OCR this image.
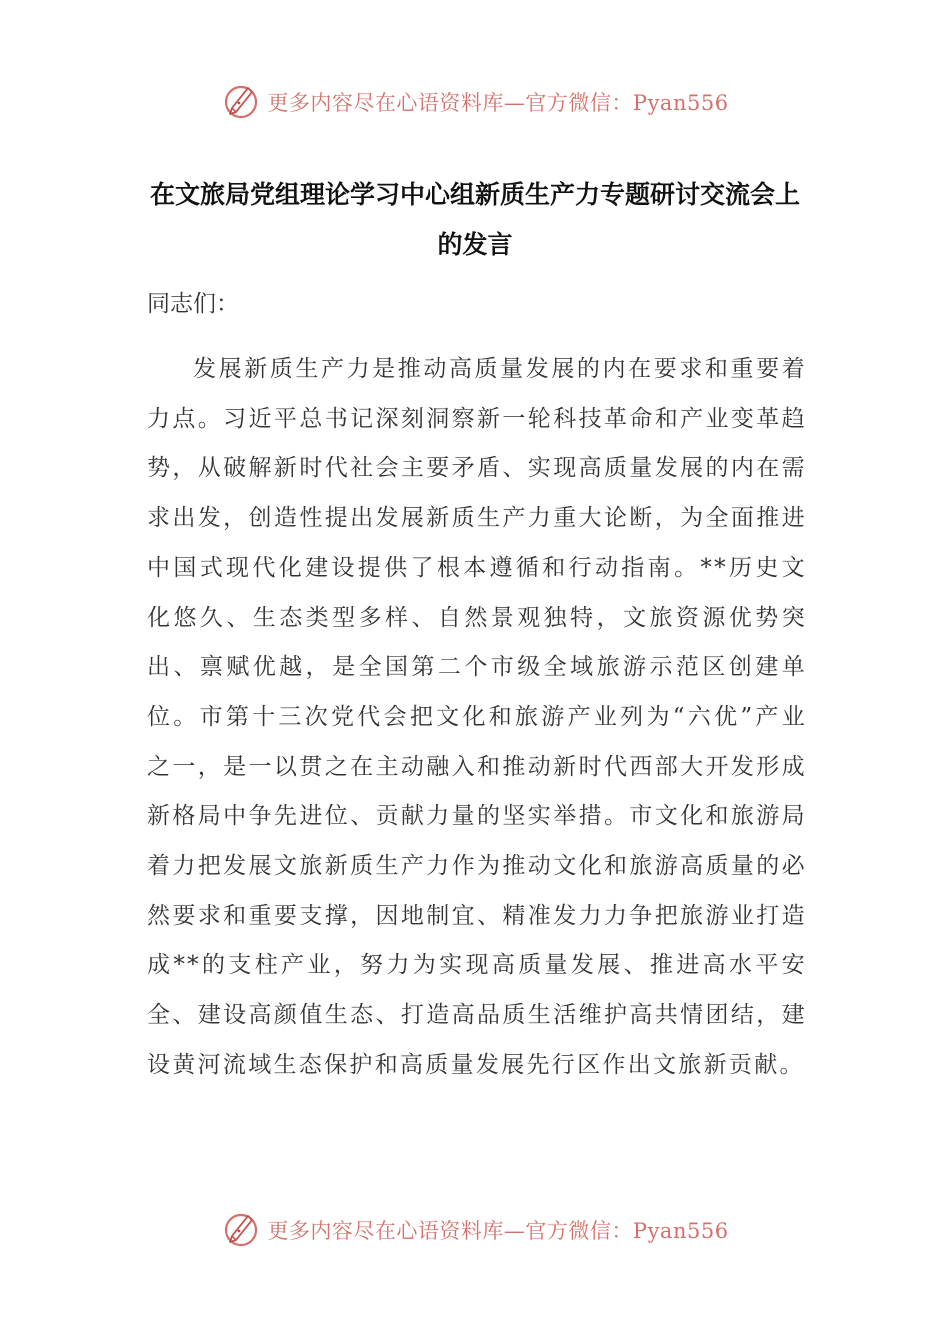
更多内容尽在心语资料库—官方微信：Pyan556
在文旅局党组理论学习中心组新质生产力专题研讨交流会上的发言

同志们：

发展新质生产力是推动高质量发展的内在要求和重要着力点。习近平总书记深刻洞察新一轮科技革命和产业变革趋势，从破解新时代社会主要矛盾、实现高质量发展的内在需求出发，创造性提出发展新质生产力重大论断，为全面推进中国式现代化建设提供了根本遵循和行动指南。**历史文化悠久、生态类型多样、自然景观独特，文旅资源优势突出、禀赋优越，是全国第二个市级全域旅游示范区创建单位。市第十三次党代会把文化和旅游产业列为“六优”产业之一，是一以贯之在主动融入和推动新时代西部大开发形成新格局中争先进位、贡献力量的坚实举措。市文化和旅游局着力把发展文旅新质生产力作为推动文化和旅游高质量的必然要求和重要支撑，因地制宜、精准发力力争把旅游业打造成**的支柱产业，努力为实现高质量发展、推进高水平安全、建设高颜值生态、打造高品质生活维护高共情团结，建设黄河流域生态保护和高质量发展先行区作出文旅新贡献。

更多内容尽在心语资料库—官方微信：Pyan556
